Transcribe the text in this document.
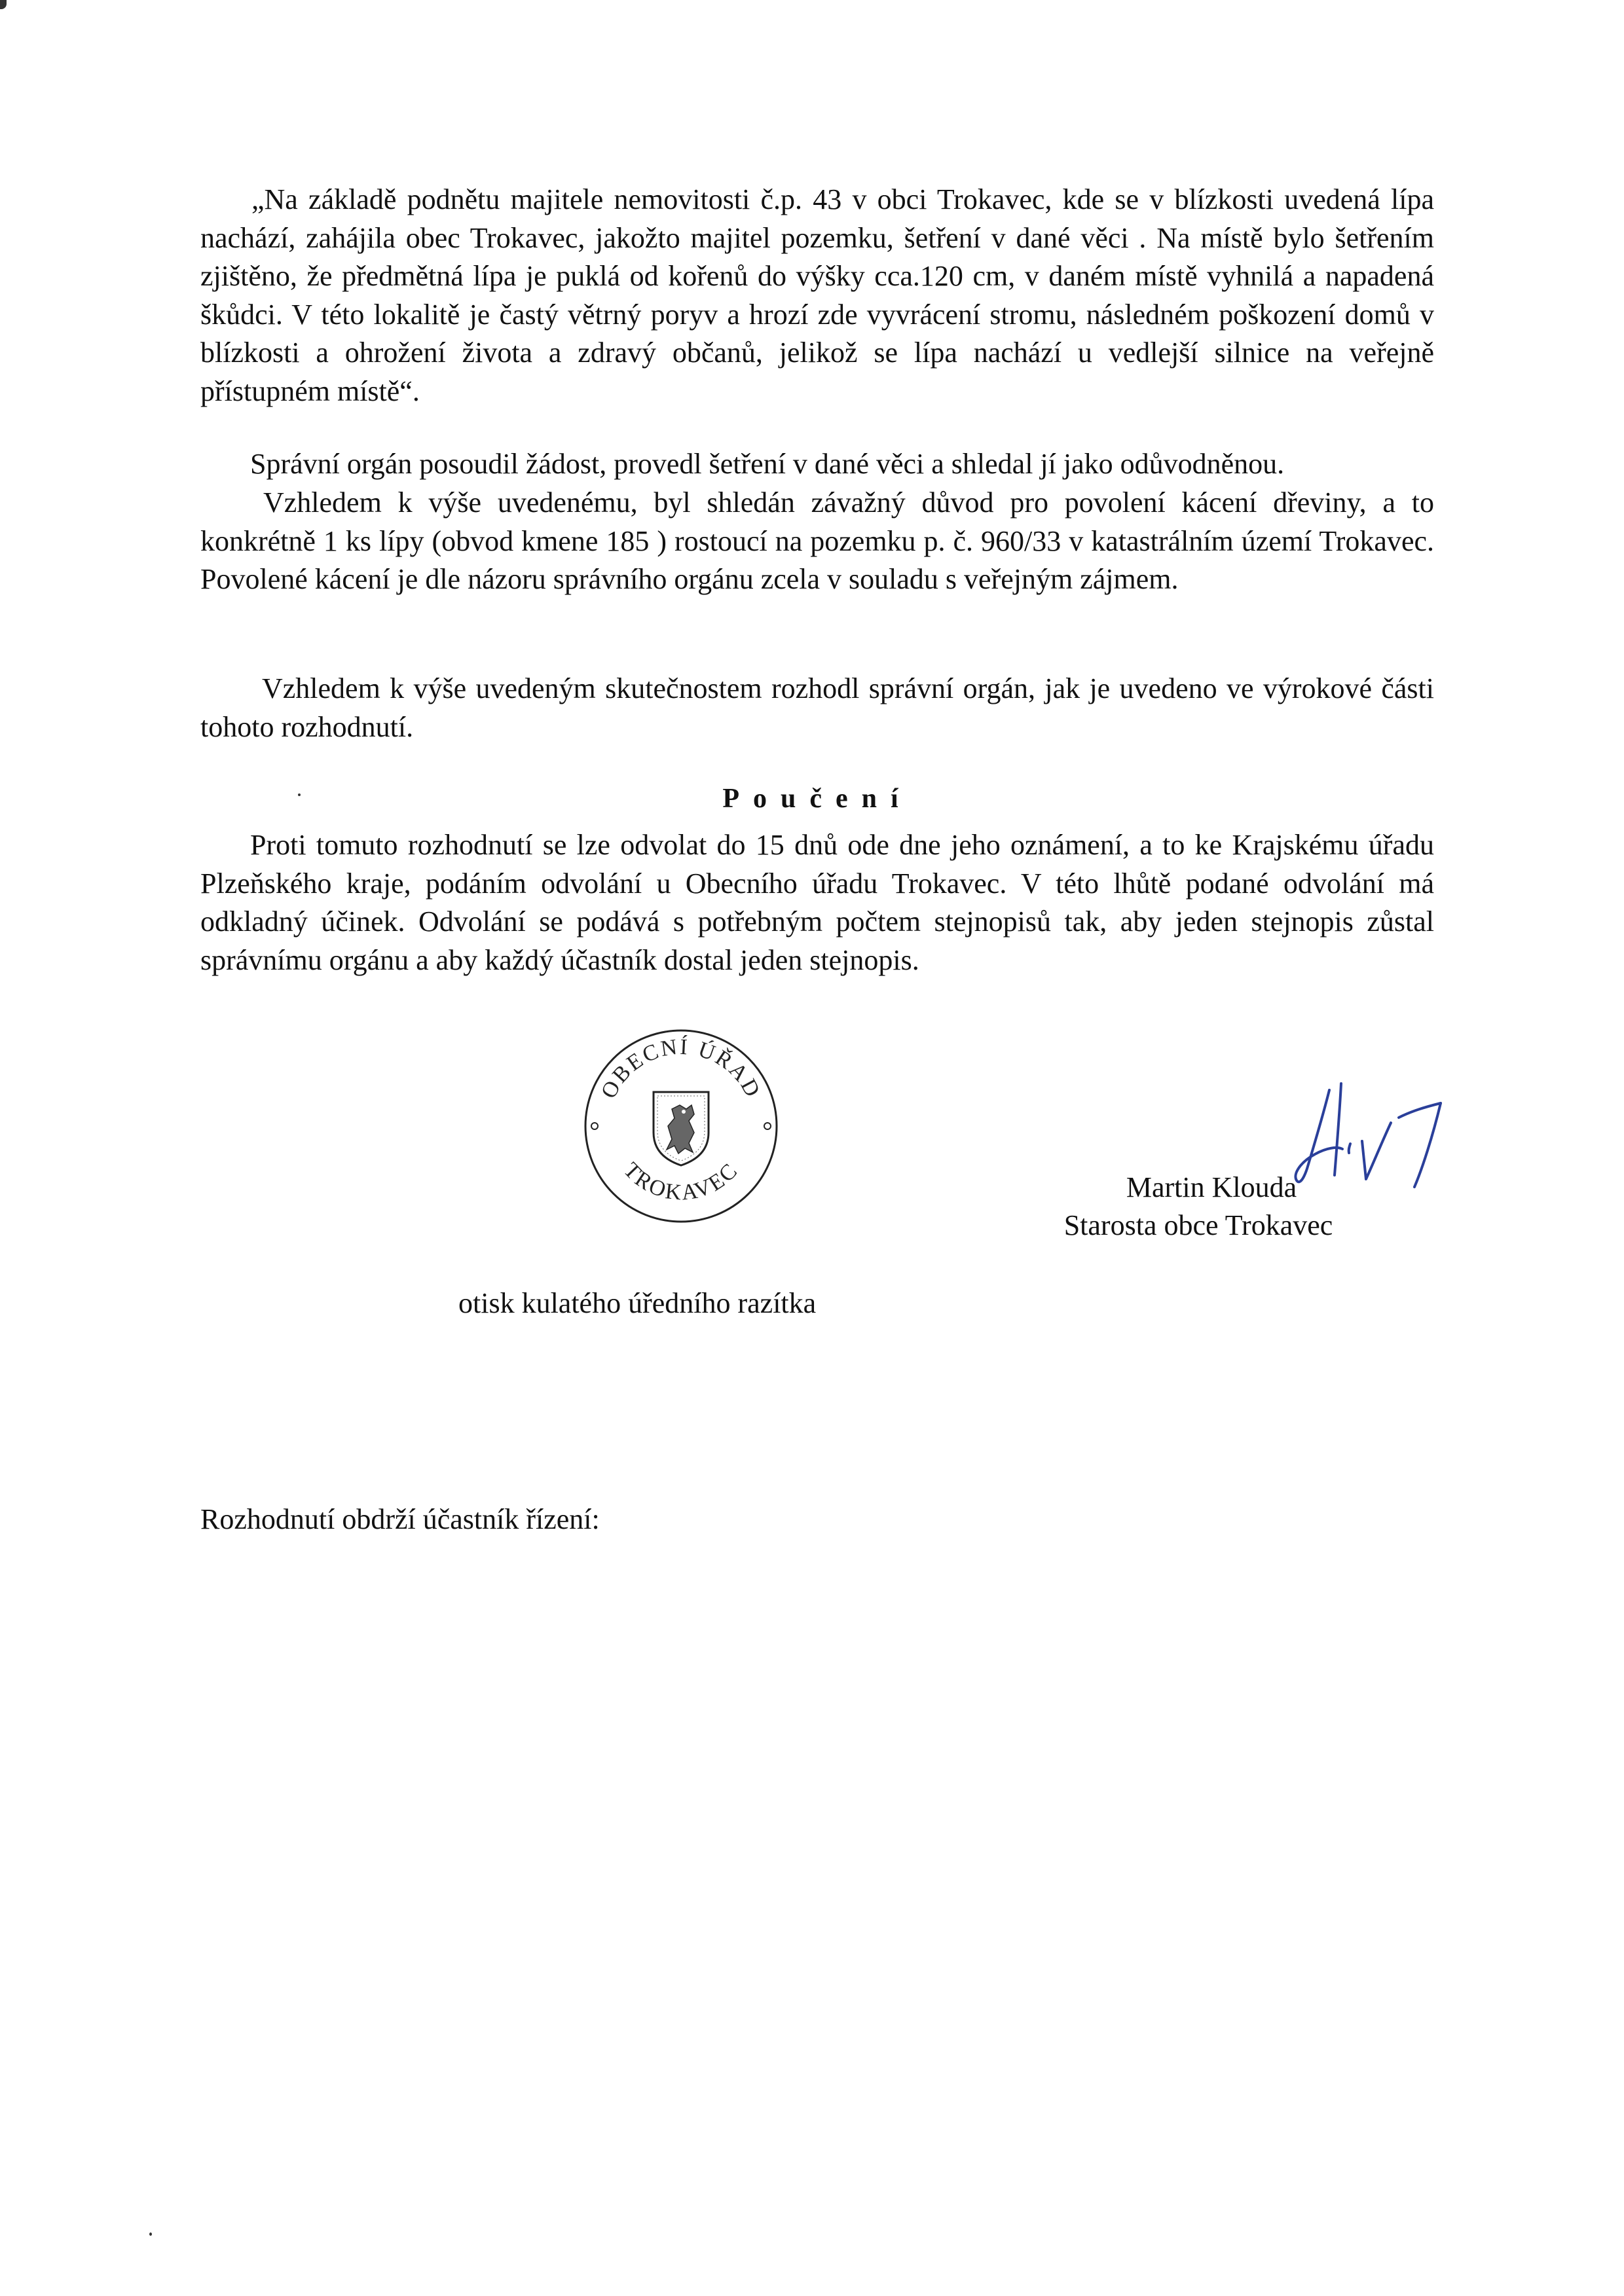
„Na základě podnětu majitele nemovitosti č.p. 43 v obci Trokavec, kde se v blízkosti uvedená lípa nachází, zahájila obec Trokavec, jakožto majitel pozemku, šetření v dané věci . Na místě bylo šetřením zjištěno, že předmětná lípa je puklá od kořenů do výšky cca.120 cm, v daném místě vyhnilá a napadená škůdci. V této lokalitě je častý větrný poryv a hrozí zde vyvrácení stromu, následném poškození domů v blízkosti a ohrožení života a zdravý občanů, jelikož se lípa nachází u vedlejší silnice na veřejně přístupném místě“.

Správní orgán posoudil žádost, provedl šetření v dané věci a shledal jí jako odůvodněnou.

Vzhledem k výše uvedenému, byl shledán závažný důvod pro povolení kácení dřeviny, a to konkrétně 1 ks lípy (obvod kmene 185 ) rostoucí na pozemku p. č. 960/33 v katastrálním území Trokavec. Povolené kácení je dle názoru správního orgánu zcela v souladu s veřejným zájmem.

Vzhledem k výše uvedeným skutečnostem rozhodl správní orgán, jak je uvedeno ve výrokové části tohoto rozhodnutí.

Poučení

Proti tomuto rozhodnutí se lze odvolat do 15 dnů ode dne jeho oznámení, a to ke Krajskému úřadu Plzeňského kraje, podáním odvolání u Obecního úřadu Trokavec. V této lhůtě podané odvolání má odkladný účinek. Odvolání se podává s potřebným počtem stejnopisů tak, aby jeden stejnopis zůstal správnímu orgánu a aby každý účastník dostal jeden stejnopis.

OBECNÍ ÚŘAD
TROKAVEC	Martin Klouda

Starosta obce Trokavec

otisk kulatého úředního razítka

Rozhodnutí obdrží účastník řízení:
